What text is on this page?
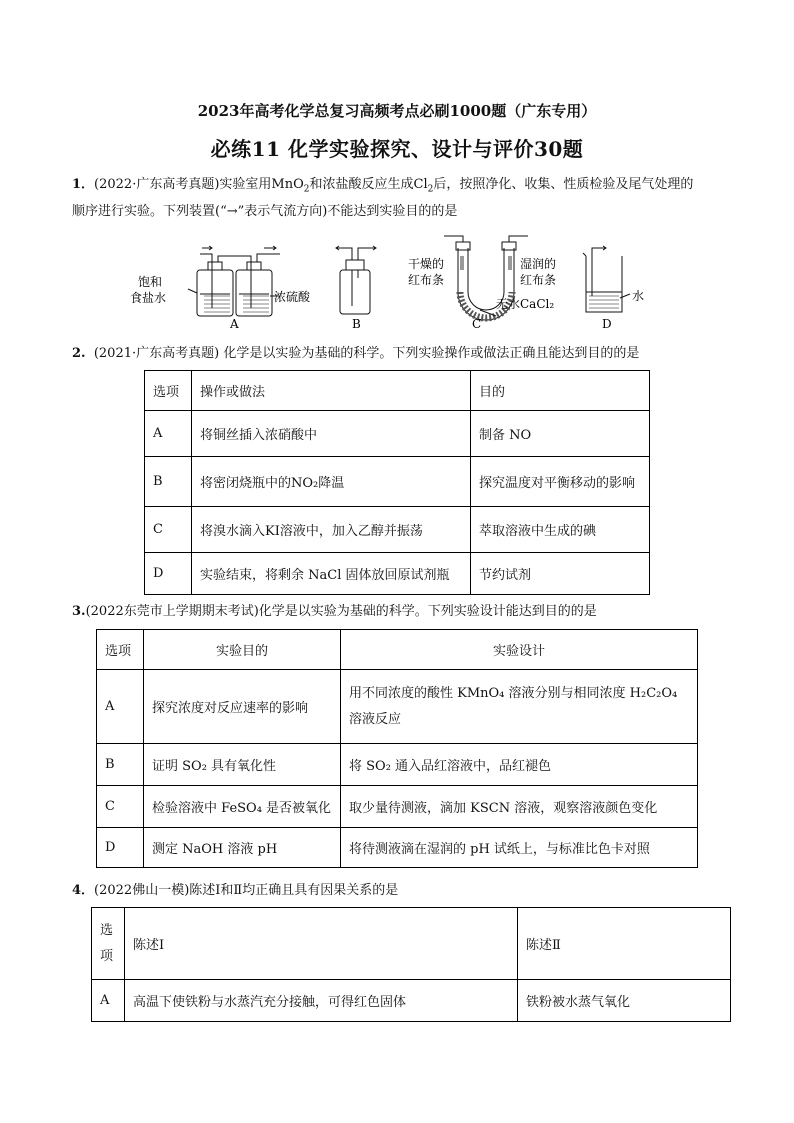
2023年高考化学总复习高频考点必刷1000题（广东专用）
必练11 化学实验探究、设计与评价30题
1．(2022·广东高考真题)实验室用MnO$_2$和浓盐酸反应生成$Cl_2$后，按照净化、收集、性质检验及尾气处理的
顺序进行实验。下列装置(“→”表示气流方向)不能达到实验目的的是
饱和
食盐水	浓硫酸
A	B
干燥的
红布条
湿润的
红布条
无水CaCl₂
C
水
D
2. (2021·广东高考真题) 化学是以实验为基础的科学。下列实验操作或做法正确且能达到目的的是
选项	操作或做法	目的
A	将铜丝插入浓硝酸中	制备 NO
B	将密闭烧瓶中的NO₂降温	探究温度对平衡移动的影响
C	将溴水滴入KI溶液中，加入乙醇并振荡	萃取溶液中生成的碘
D	实验结束，将剩余 NaCl 固体放回原试剂瓶	节约试剂
3.(2022东莞市上学期期末考试)化学是以实验为基础的科学。下列实验设计能达到目的的是
选项	实验目的	实验设计
A	探究浓度对反应速率的影响	用不同浓度的酸性 KMnO₄ 溶液分别与相同浓度 H₂C₂O₄
溶液反应

B	证明 SO₂ 具有氧化性	将 SO₂ 通入品红溶液中，品红褪色
C	检验溶液中 FeSO₄ 是否被氧化	取少量待测液，滴加 KSCN 溶液，观察溶液颜色变化
D	测定 NaOH 溶液 pH	将待测液滴在湿润的 pH 试纸上，与标准比色卡对照
4．(2022佛山一模)陈述Ⅰ和Ⅱ均正确且具有因果关系的是
选
项	陈述Ⅰ	陈述Ⅱ
A	高温下使铁粉与水蒸汽充分接触，可得红色固体	铁粉被水蒸气氧化
